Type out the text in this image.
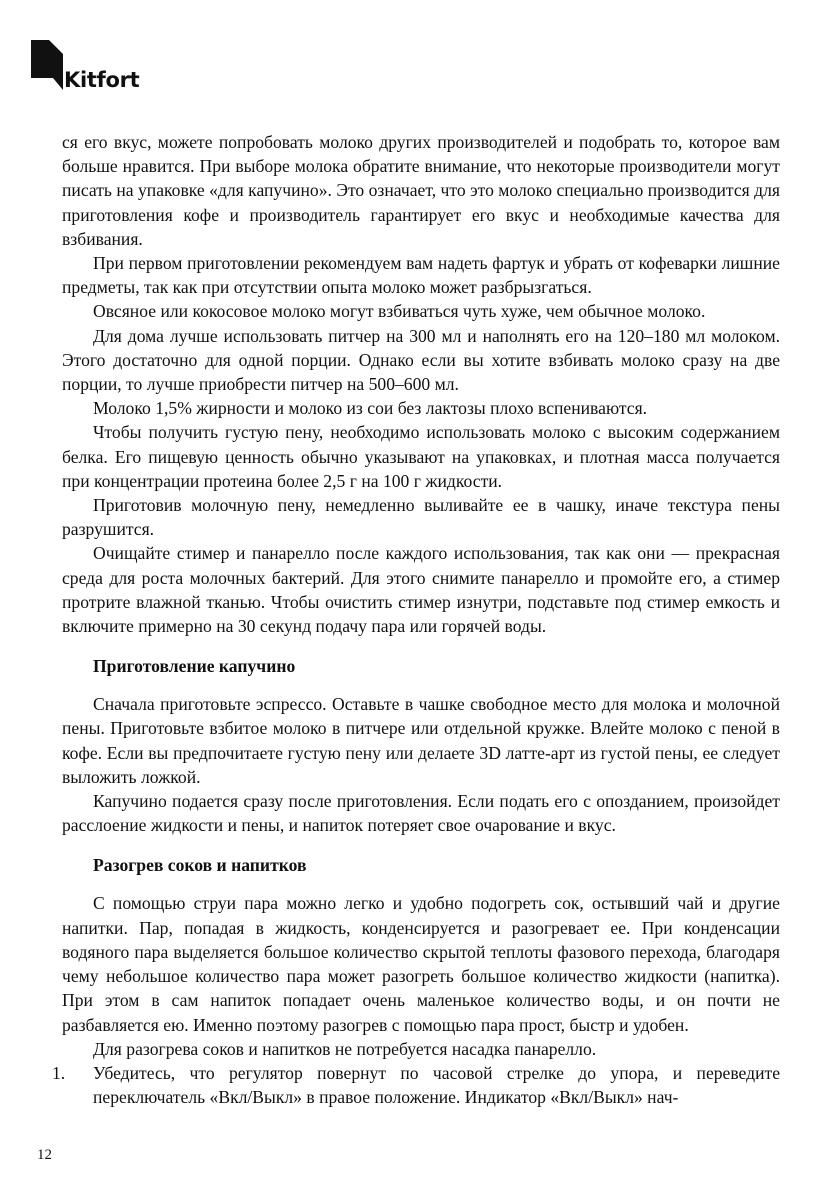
Kitfort

ся его вкус, можете попробовать молоко других производителей и подобрать то, которое вам больше нравится. При выборе молока обратите внимание, что некоторые производители могут писать на упаковке «для капучино». Это означает, что это молоко специально производится для приготовления кофе и производитель гарантирует его вкус и необходимые качества для взбивания.

При первом приготовлении рекомендуем вам надеть фартук и убрать от кофеварки лишние предметы, так как при отсутствии опыта молоко может разбрызгаться.

Овсяное или кокосовое молоко могут взбиваться чуть хуже, чем обычное молоко.

Для дома лучше использовать питчер на 300 мл и наполнять его на 120–180 мл молоком. Этого достаточно для одной порции. Однако если вы хотите взбивать молоко сразу на две порции, то лучше приобрести питчер на 500–600 мл.

Молоко 1,5% жирности и молоко из сои без лактозы плохо вспениваются.

Чтобы получить густую пену, необходимо использовать молоко с высоким содержанием белка. Его пищевую ценность обычно указывают на упаковках, и плотная масса получается при концентрации протеина более 2,5 г на 100 г жидкости.

Приготовив молочную пену, немедленно выливайте ее в чашку, иначе текстура пены разрушится.

Очищайте стимер и панарелло после каждого использования, так как они — прекрасная среда для роста молочных бактерий. Для этого снимите панарелло и промойте его, а стимер протрите влажной тканью. Чтобы очистить стимер изнутри, подставьте под стимер емкость и включите примерно на 30 секунд подачу пара или горячей воды.

Приготовление капучино

Сначала приготовьте эспрессо. Оставьте в чашке свободное место для молока и молочной пены. Приготовьте взбитое молоко в питчере или отдельной кружке. Влейте молоко с пеной в кофе. Если вы предпочитаете густую пену или делаете 3D латте-арт из густой пены, ее следует выложить ложкой.

Капучино подается сразу после приготовления. Если подать его с опозданием, произойдет расслоение жидкости и пены, и напиток потеряет свое очарование и вкус.

Разогрев соков и напитков

С помощью струи пара можно легко и удобно подогреть сок, остывший чай и другие напитки. Пар, попадая в жидкость, конденсируется и разогревает ее. При конденсации водяного пара выделяется большое количество скрытой теплоты фазового перехода, благодаря чему небольшое количество пара может разогреть большое количество жидкости (напитка). При этом в сам напиток попадает очень маленькое количество воды, и он почти не разбавляется ею. Именно поэтому разогрев с помощью пара прост, быстр и удобен.

Для разогрева соков и напитков не потребуется насадка панарелло.

1. Убедитесь, что регулятор повернут по часовой стрелке до упора, и переведите переключатель «Вкл/Выкл» в правое положение. Индикатор «Вкл/Выкл» нач-

12
